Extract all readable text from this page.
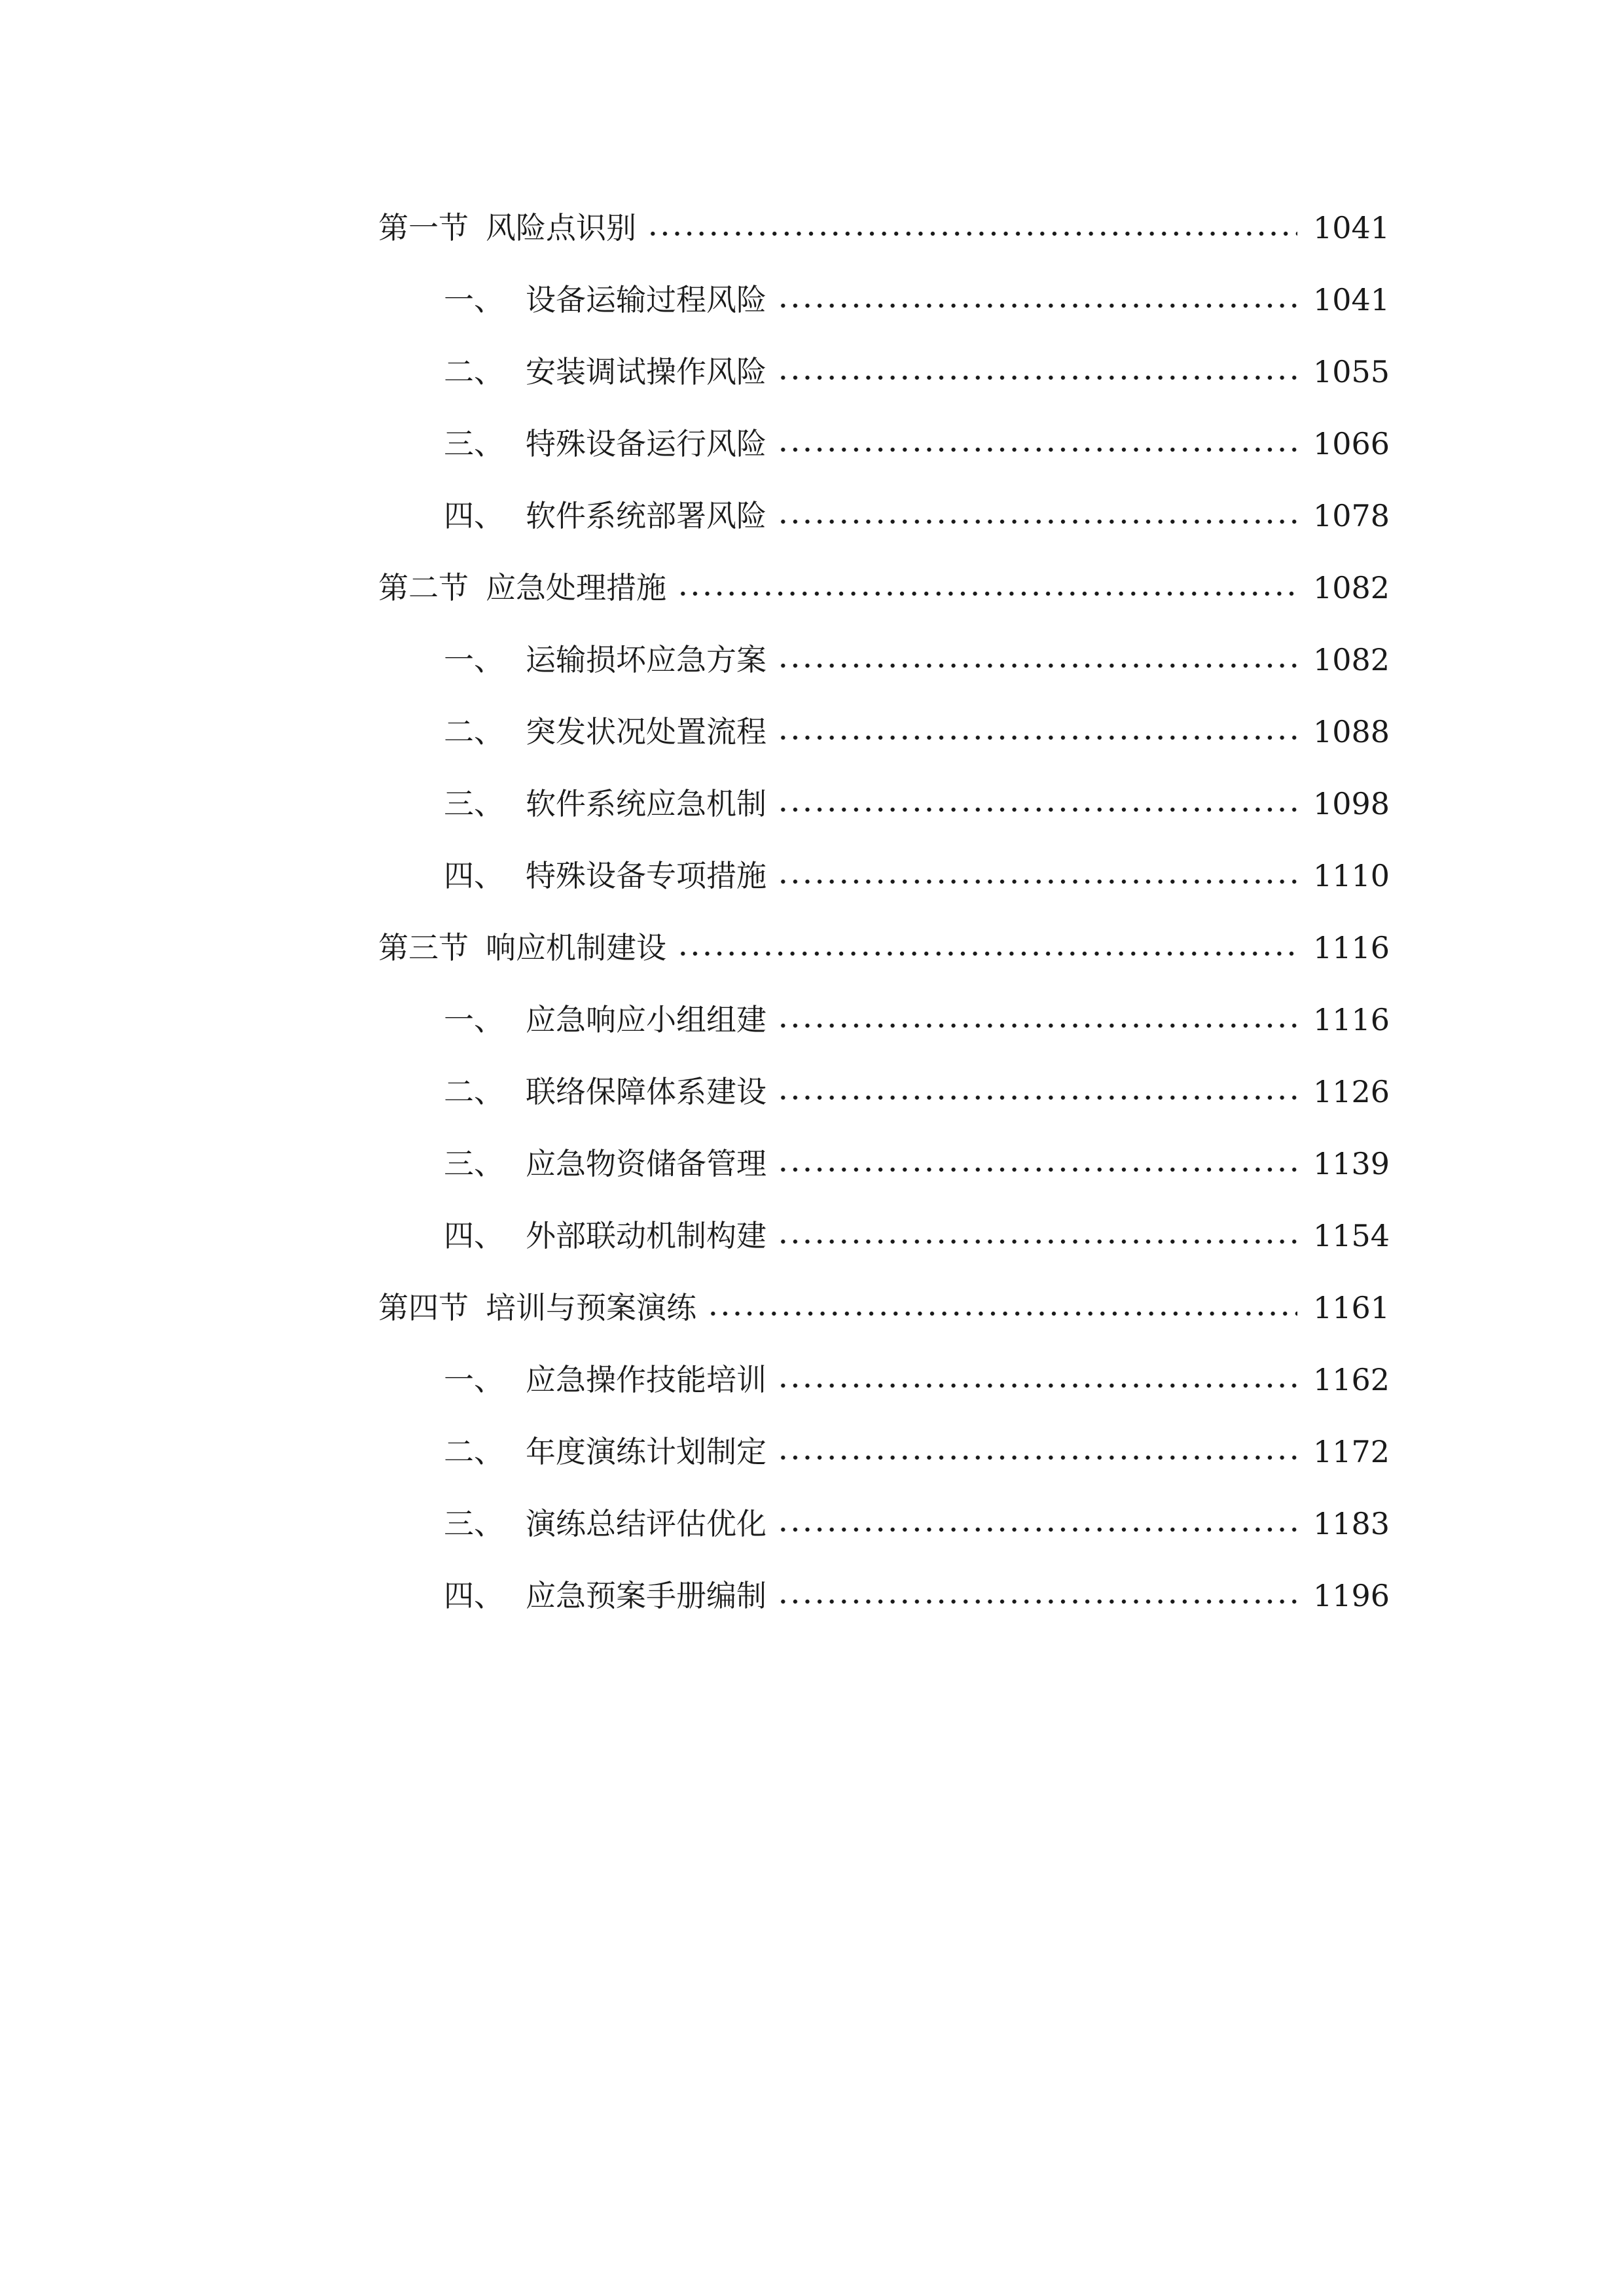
第一节 风险点识别	1041
一、 设备运输过程风险	1041
二、 安装调试操作风险	1055
三、 特殊设备运行风险	1066
四、 软件系统部署风险	1078
第二节 应急处理措施	1082
一、 运输损坏应急方案	1082
二、 突发状况处置流程	1088
三、 软件系统应急机制	1098
四、 特殊设备专项措施	1110
第三节 响应机制建设	1116
一、 应急响应小组组建	1116
二、 联络保障体系建设	1126
三、 应急物资储备管理	1139
四、 外部联动机制构建	1154
第四节 培训与预案演练	1161
一、 应急操作技能培训	1162
二、 年度演练计划制定	1172
三、 演练总结评估优化	1183
四、 应急预案手册编制	1196
